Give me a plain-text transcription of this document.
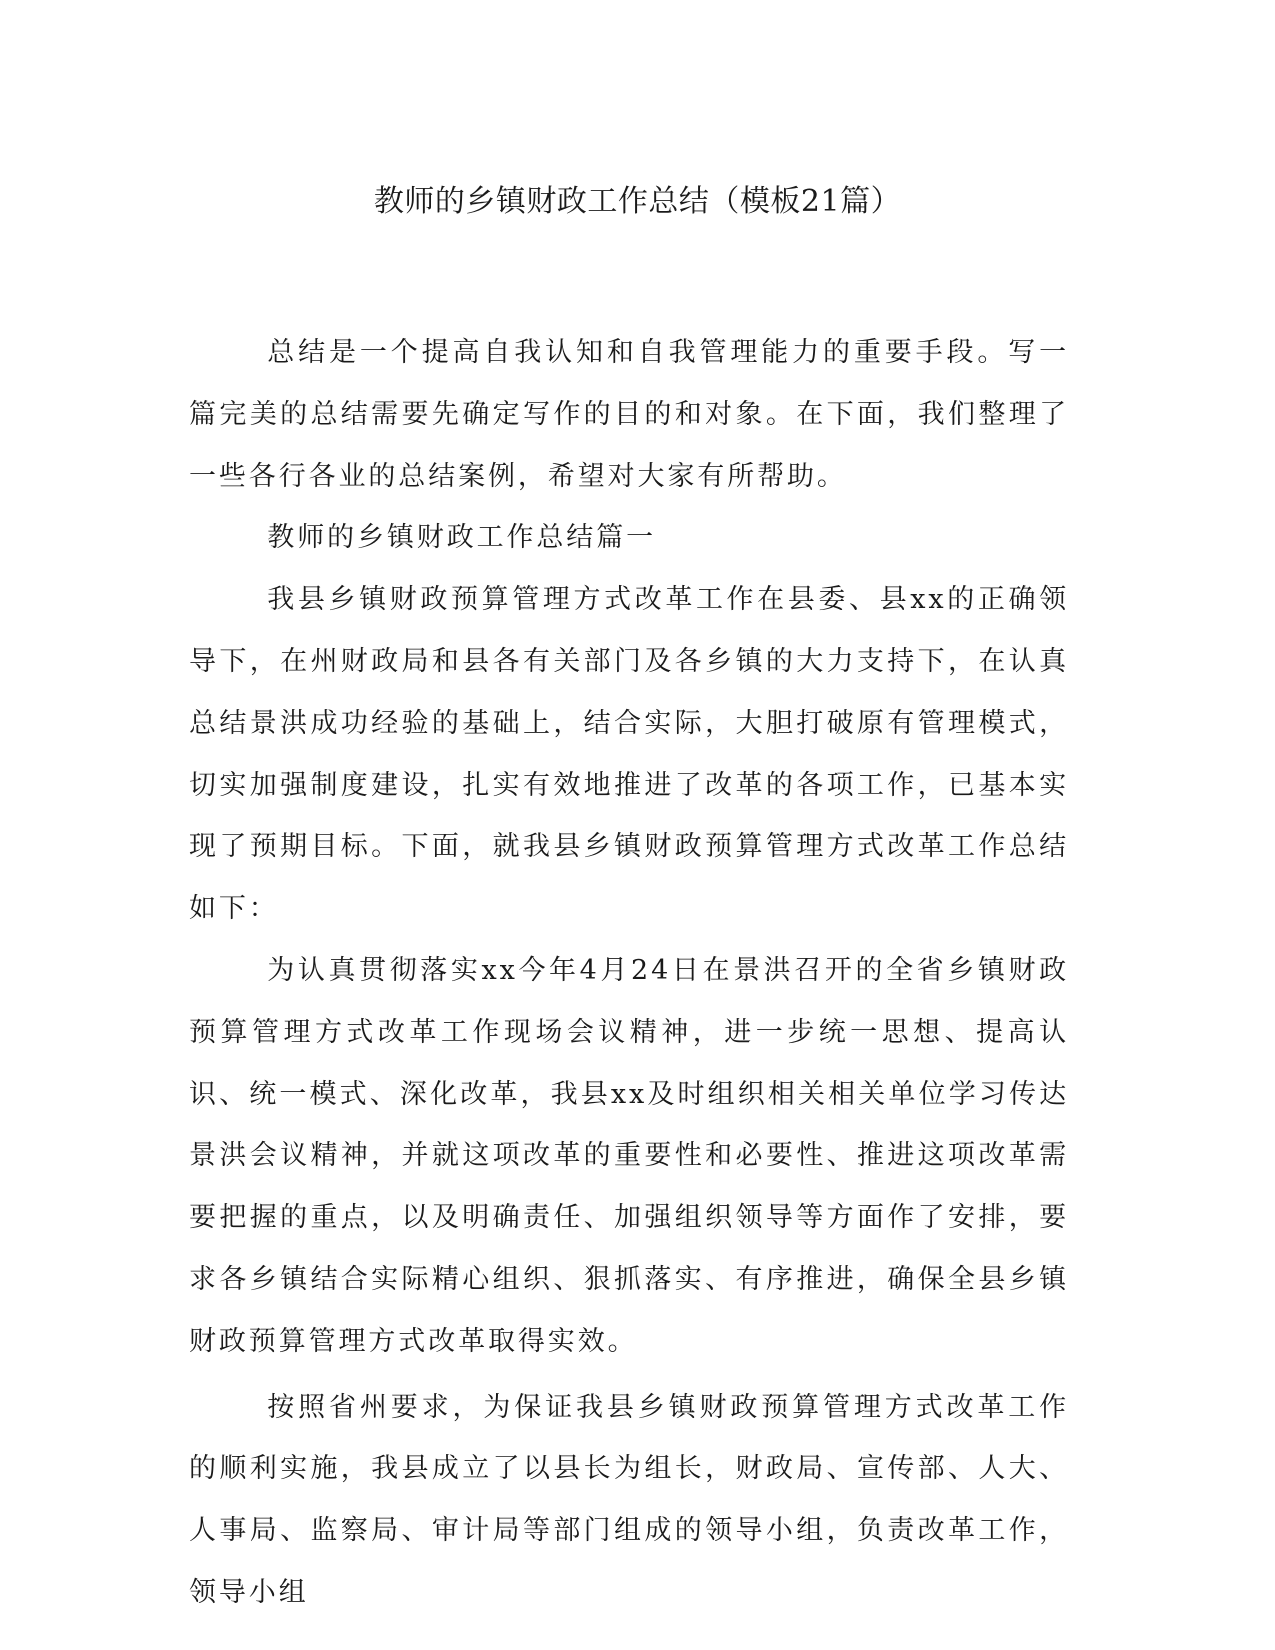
教师的乡镇财政工作总结（模板21篇）

总结是一个提高自我认知和自我管理能力的重要手段。写一篇完美的总结需要先确定写作的目的和对象。在下面，我们整理了一些各行各业的总结案例，希望对大家有所帮助。

教师的乡镇财政工作总结篇一

我县乡镇财政预算管理方式改革工作在县委、县xx的正确领导下，在州财政局和县各有关部门及各乡镇的大力支持下，在认真总结景洪成功经验的基础上，结合实际，大胆打破原有管理模式，切实加强制度建设，扎实有效地推进了改革的各项工作，已基本实现了预期目标。下面，就我县乡镇财政预算管理方式改革工作总结如下：

为认真贯彻落实xx今年4月24日在景洪召开的全省乡镇财政预算管理方式改革工作现场会议精神，进一步统一思想、提高认识、统一模式、深化改革，我县xx及时组织相关相关单位学习传达景洪会议精神，并就这项改革的重要性和必要性、推进这项改革需要把握的重点，以及明确责任、加强组织领导等方面作了安排，要求各乡镇结合实际精心组织、狠抓落实、有序推进，确保全县乡镇财政预算管理方式改革取得实效。

按照省州要求，为保证我县乡镇财政预算管理方式改革工作的顺利实施，我县成立了以县长为组长，财政局、宣传部、人大、人事局、监察局、审计局等部门组成的领导小组，负责改革工作，领导小组
